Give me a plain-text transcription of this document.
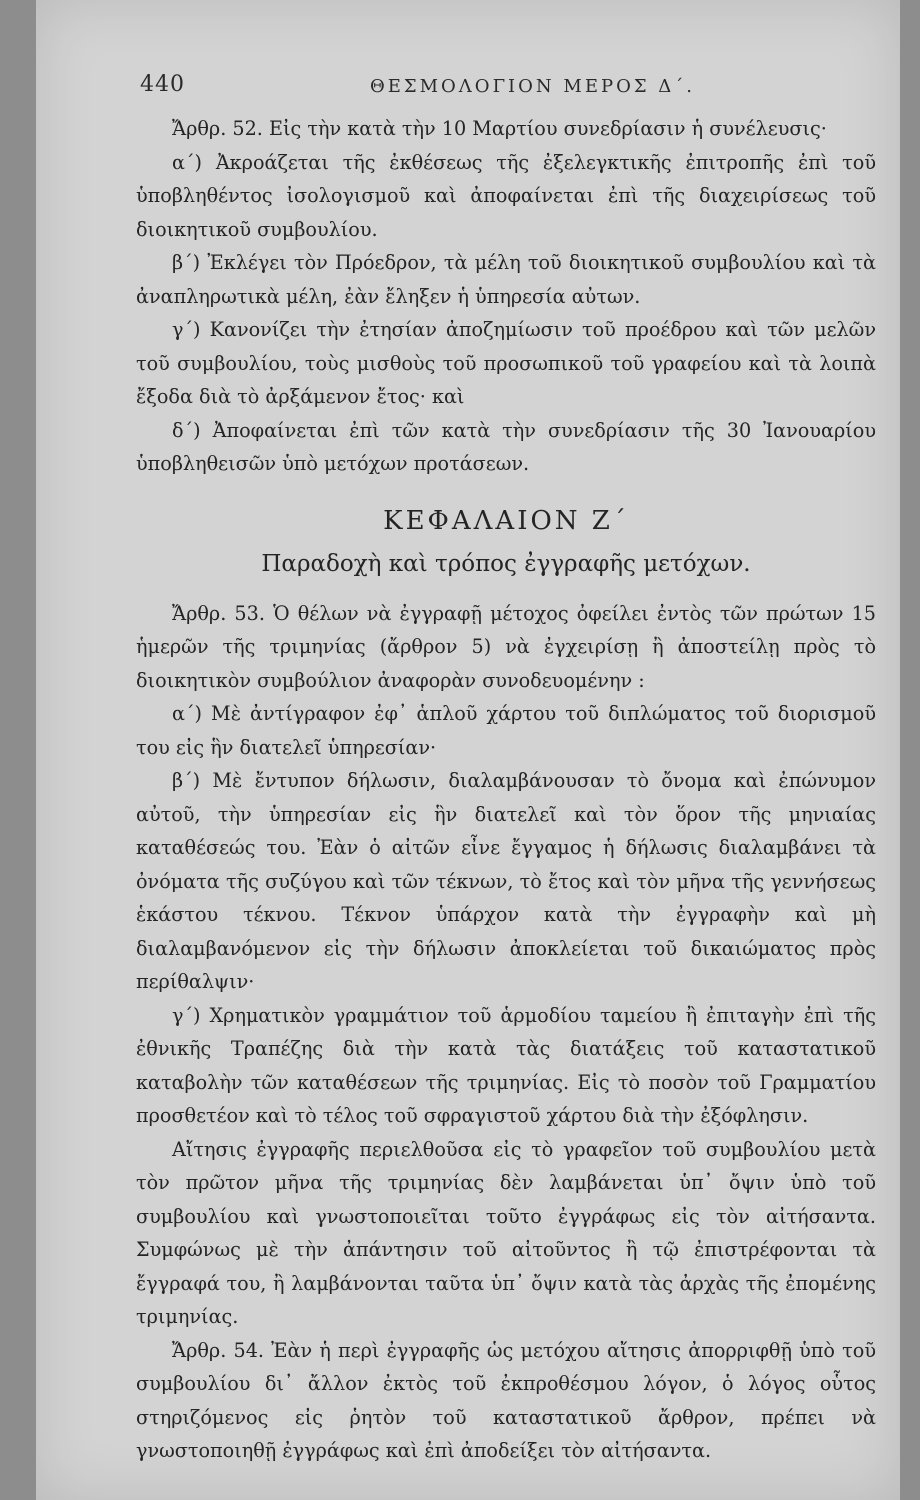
440	ΘΕΣΜΟΛΟΓΙΟΝ ΜΕΡΟΣ Δ΄.

Ἄρθρ. 52. Εἰς τὴν κατὰ τὴν 10 Μαρτίου συνεδρίασιν ἡ συνέλευσις·

α΄) Ἀκροάζεται τῆς ἐκθέσεως τῆς ἐξελεγκτικῆς ἐπιτροπῆς ἐπὶ τοῦ ὑποβληθέντος ἰσολογισμοῦ καὶ ἀποφαίνεται ἐπὶ τῆς διαχειρίσεως τοῦ διοικητικοῦ συμβουλίου.

β΄) Ἐκλέγει τὸν Πρόεδρον, τὰ μέλη τοῦ διοικητικοῦ συμβουλίου καὶ τὰ ἀναπληρωτικὰ μέλη, ἐὰν ἔληξεν ἡ ὑπηρεσία αὐτων.

γ΄) Κανονίζει τὴν ἐτησίαν ἀποζημίωσιν τοῦ προέδρου καὶ τῶν μελῶν τοῦ συμβουλίου, τοὺς μισθοὺς τοῦ προσωπικοῦ τοῦ γραφείου καὶ τὰ λοιπὰ ἔξοδα διὰ τὸ ἀρξάμενον ἔτος· καὶ

δ΄) Ἀποφαίνεται ἐπὶ τῶν κατὰ τὴν συνεδρίασιν τῆς 30 Ἰανουαρίου ὑποβληθεισῶν ὑπὸ μετόχων προτάσεων.

ΚΕΦΑΛΑΙΟΝ Ζ΄
Παραδοχὴ καὶ τρόπος ἐγγραφῆς μετόχων.

Ἄρθρ. 53. Ὁ θέλων νὰ ἐγγραφῇ μέτοχος ὀφείλει ἐντὸς τῶν πρώτων 15 ἡμερῶν τῆς τριμηνίας (ἄρθρον 5) νὰ ἐγχειρίσῃ ἢ ἀποστείλῃ πρὸς τὸ διοικητικὸν συμβούλιον ἀναφορὰν συνοδευομένην :

α΄) Μὲ ἀντίγραφον ἐφ᾽ ἁπλοῦ χάρτου τοῦ διπλώματος τοῦ διορισμοῦ του εἰς ἣν διατελεῖ ὑπηρεσίαν·

β΄) Μὲ ἔντυπον δήλωσιν, διαλαμβάνουσαν τὸ ὄνομα καὶ ἐπώνυμον αὐτοῦ, τὴν ὑπηρεσίαν εἰς ἣν διατελεῖ καὶ τὸν ὅρον τῆς μηνιαίας καταθέσεώς του. Ἐὰν ὁ αἰτῶν εἶνε ἔγγαμος ἡ δήλωσις διαλαμβάνει τὰ ὀνόματα τῆς συζύγου καὶ τῶν τέκνων, τὸ ἔτος καὶ τὸν μῆνα τῆς γεννήσεως ἑκάστου τέκνου. Τέκνον ὑπάρχον κατὰ τὴν ἐγγραφὴν καὶ μὴ διαλαμβανόμενον εἰς τὴν δήλωσιν ἀποκλείεται τοῦ δικαιώματος πρὸς περίθαλψιν·

γ΄) Χρηματικὸν γραμμάτιον τοῦ ἁρμοδίου ταμείου ἢ ἐπιταγὴν ἐπὶ τῆς ἐθνικῆς Τραπέζης διὰ τὴν κατὰ τὰς διατάξεις τοῦ καταστατικοῦ καταβολὴν τῶν καταθέσεων τῆς τριμηνίας. Εἰς τὸ ποσὸν τοῦ Γραμματίου προσθετέον καὶ τὸ τέλος τοῦ σφραγιστοῦ χάρτου διὰ τὴν ἐξόφλησιν.

Αἴτησις ἐγγραφῆς περιελθοῦσα εἰς τὸ γραφεῖον τοῦ συμβουλίου μετὰ τὸν πρῶτον μῆνα τῆς τριμηνίας δὲν λαμβάνεται ὑπ᾽ ὄψιν ὑπὸ τοῦ συμβουλίου καὶ γνωστοποιεῖται τοῦτο ἐγγράφως εἰς τὸν αἰτήσαντα. Συμφώνως μὲ τὴν ἀπάντησιν τοῦ αἰτοῦντος ἢ τῷ ἐπιστρέφονται τὰ ἔγγραφά του, ἢ λαμβάνονται ταῦτα ὑπ᾽ ὄψιν κατὰ τὰς ἀρχὰς τῆς ἐπομένης τριμηνίας.

Ἄρθρ. 54. Ἐὰν ἡ περὶ ἐγγραφῆς ὡς μετόχου αἴτησις ἀπορριφθῇ ὑπὸ τοῦ συμβουλίου δι᾽ ἄλλον ἐκτὸς τοῦ ἐκπροθέσμου λόγον, ὁ λόγος οὗτος στηριζόμενος εἰς ῥητὸν τοῦ καταστατικοῦ ἄρθρον, πρέπει νὰ γνωστοποιηθῇ ἐγγράφως καὶ ἐπὶ ἀποδείξει τὸν αἰτήσαντα.
